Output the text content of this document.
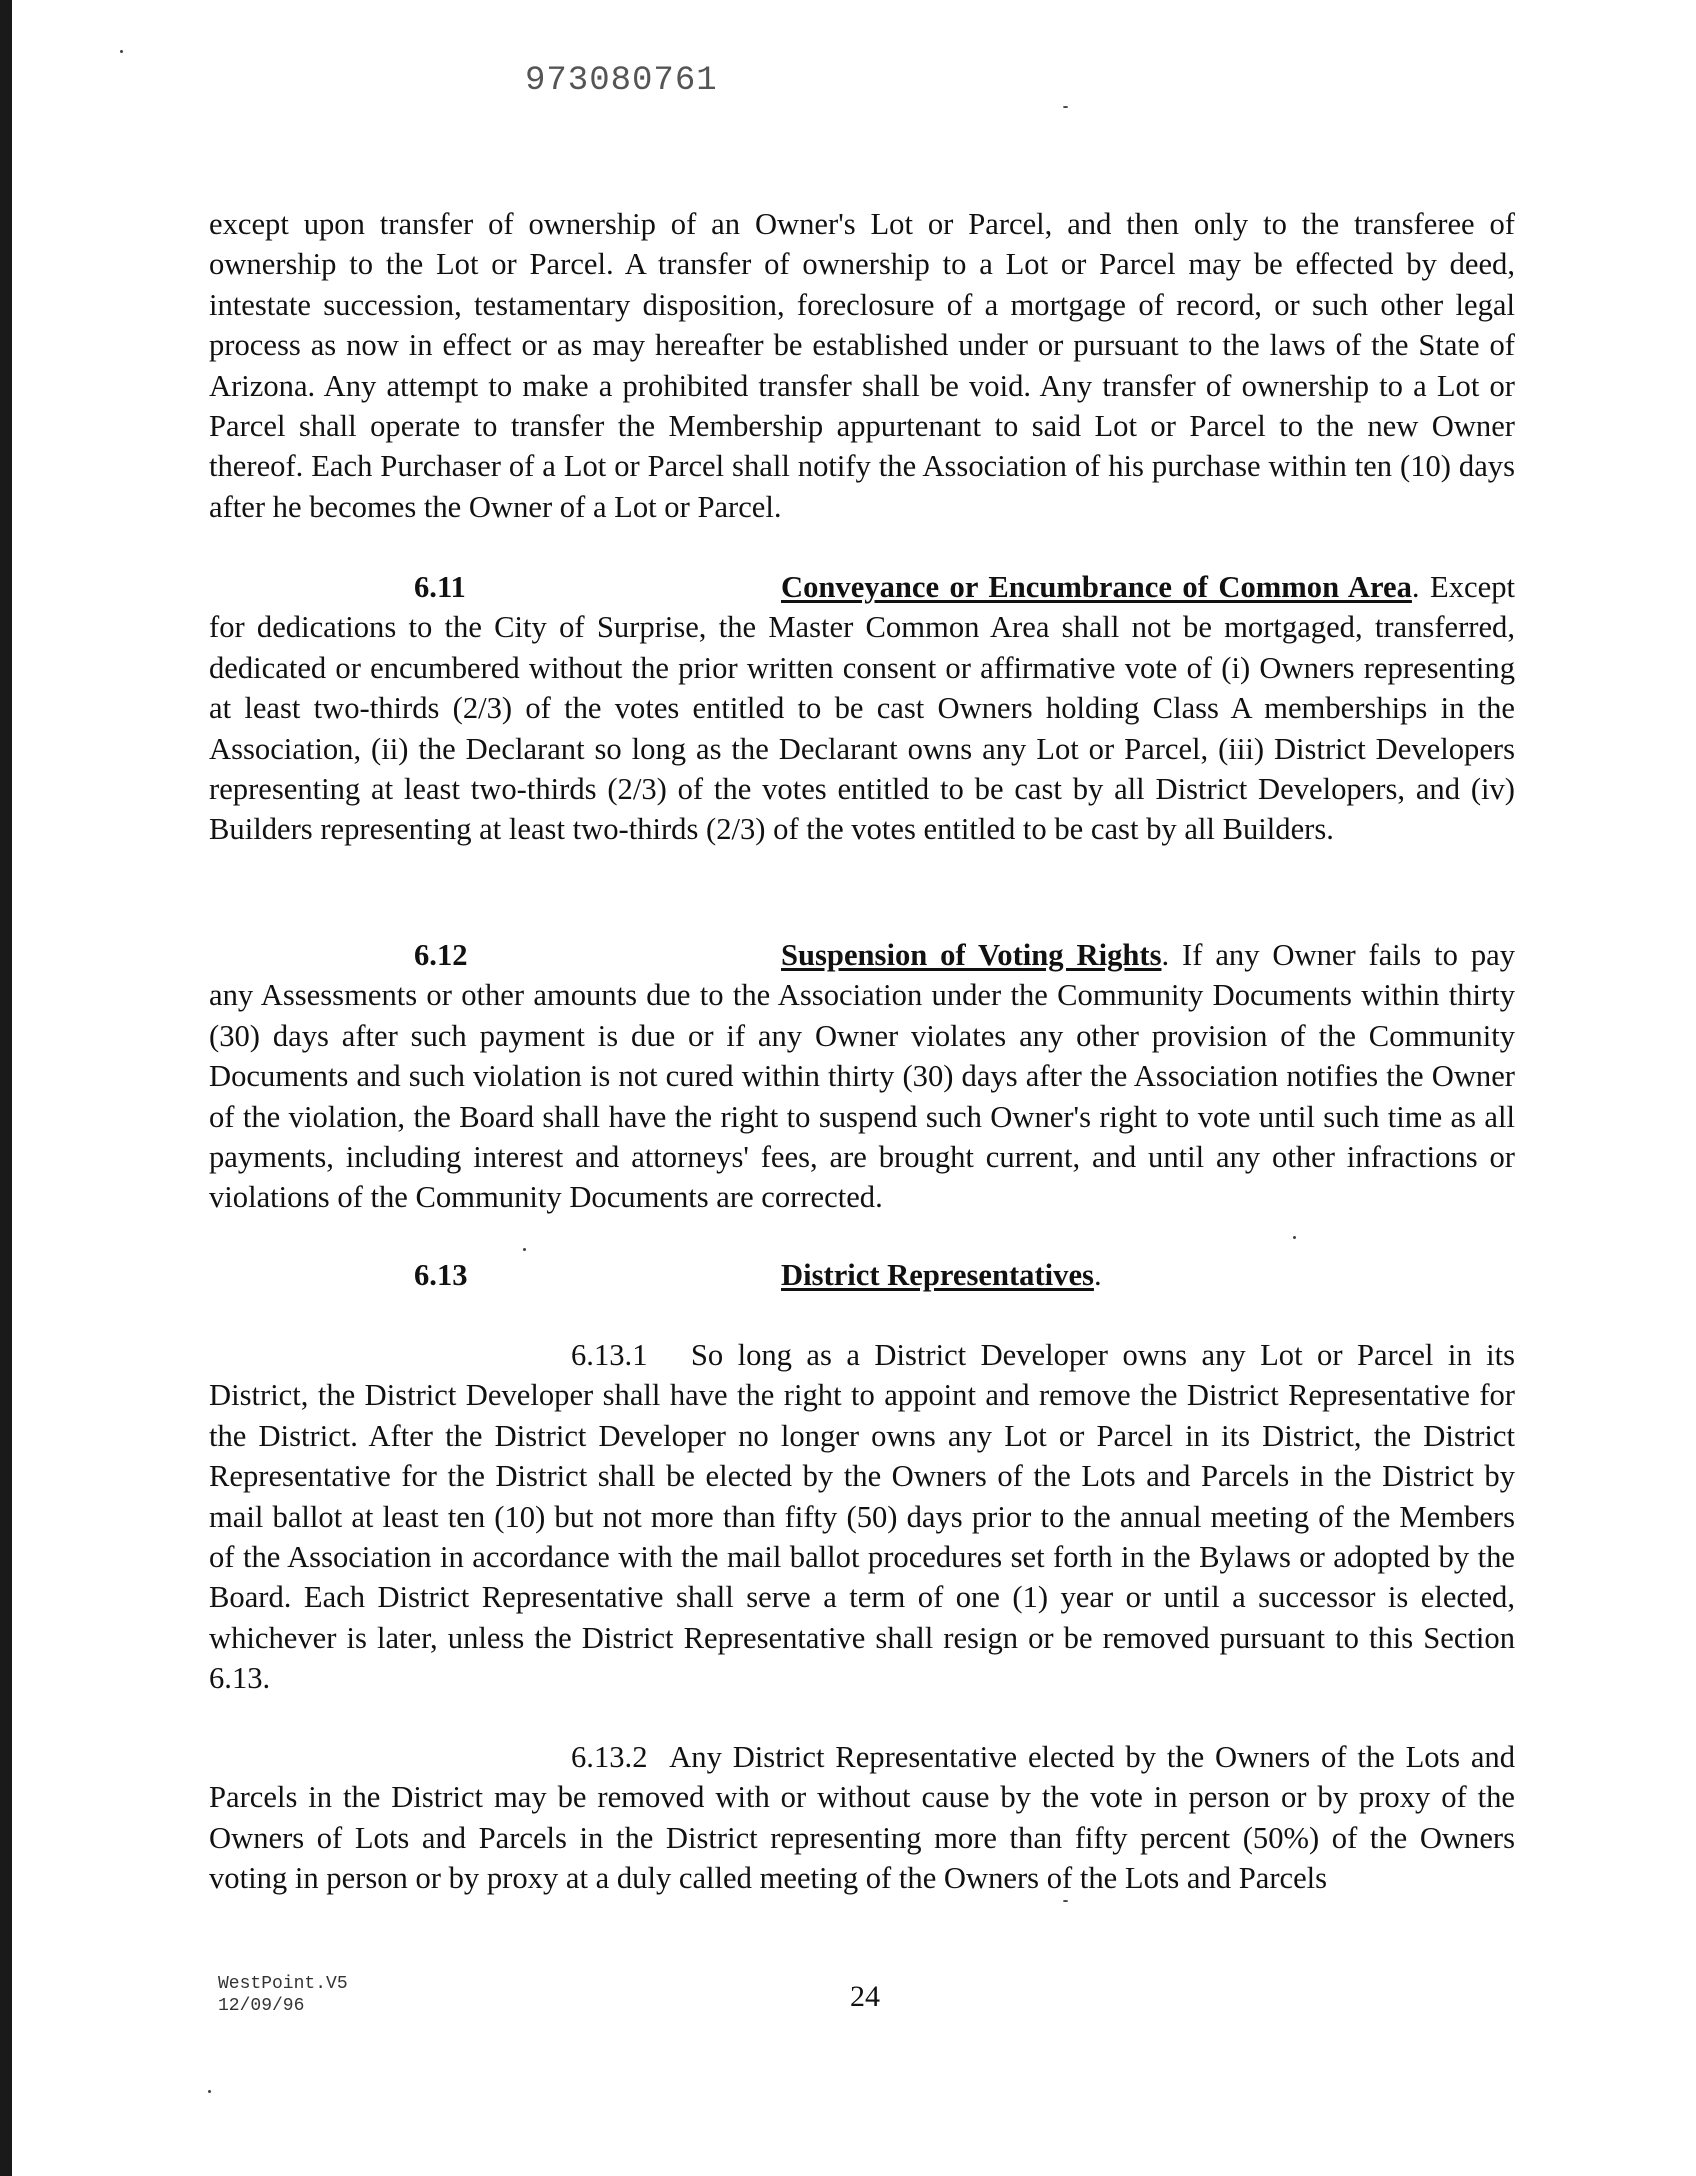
973080761

except upon transfer of ownership of an Owner's Lot or Parcel, and then only to the transferee of ownership to the Lot or Parcel. A transfer of ownership to a Lot or Parcel may be effected by deed, intestate succession, testamentary disposition, foreclosure of a mortgage of record, or such other legal process as now in effect or as may hereafter be established under or pursuant to the laws of the State of Arizona. Any attempt to make a prohibited transfer shall be void. Any transfer of ownership to a Lot or Parcel shall operate to transfer the Membership appurtenant to said Lot or Parcel to the new Owner thereof. Each Purchaser of a Lot or Parcel shall notify the Association of his purchase within ten (10) days after he becomes the Owner of a Lot or Parcel.

6.11	Conveyance or Encumbrance of Common Area. Except for dedications to the City of Surprise, the Master Common Area shall not be mortgaged, transferred, dedicated or encumbered without the prior written consent or affirmative vote of (i) Owners representing at least two-thirds (2/3) of the votes entitled to be cast Owners holding Class A memberships in the Association, (ii) the Declarant so long as the Declarant owns any Lot or Parcel, (iii) District Developers representing at least two-thirds (2/3) of the votes entitled to be cast by all District Developers, and (iv) Builders representing at least two-thirds (2/3) of the votes entitled to be cast by all Builders.

6.12	Suspension of Voting Rights. If any Owner fails to pay any Assessments or other amounts due to the Association under the Community Documents within thirty (30) days after such payment is due or if any Owner violates any other provision of the Community Documents and such violation is not cured within thirty (30) days after the Association notifies the Owner of the violation, the Board shall have the right to suspend such Owner's right to vote until such time as all payments, including interest and attorneys' fees, are brought current, and until any other infractions or violations of the Community Documents are corrected.

6.13	District Representatives.

6.13.1 So long as a District Developer owns any Lot or Parcel in its District, the District Developer shall have the right to appoint and remove the District Representative for the District. After the District Developer no longer owns any Lot or Parcel in its District, the District Representative for the District shall be elected by the Owners of the Lots and Parcels in the District by mail ballot at least ten (10) but not more than fifty (50) days prior to the annual meeting of the Members of the Association in accordance with the mail ballot procedures set forth in the Bylaws or adopted by the Board. Each District Representative shall serve a term of one (1) year or until a successor is elected, whichever is later, unless the District Representative shall resign or be removed pursuant to this Section 6.13.

6.13.2 Any District Representative elected by the Owners of the Lots and Parcels in the District may be removed with or without cause by the vote in person or by proxy of the Owners of Lots and Parcels in the District representing more than fifty percent (50%) of the Owners voting in person or by proxy at a duly called meeting of the Owners of the Lots and Parcels

WestPoint.V5
12/09/96	24
